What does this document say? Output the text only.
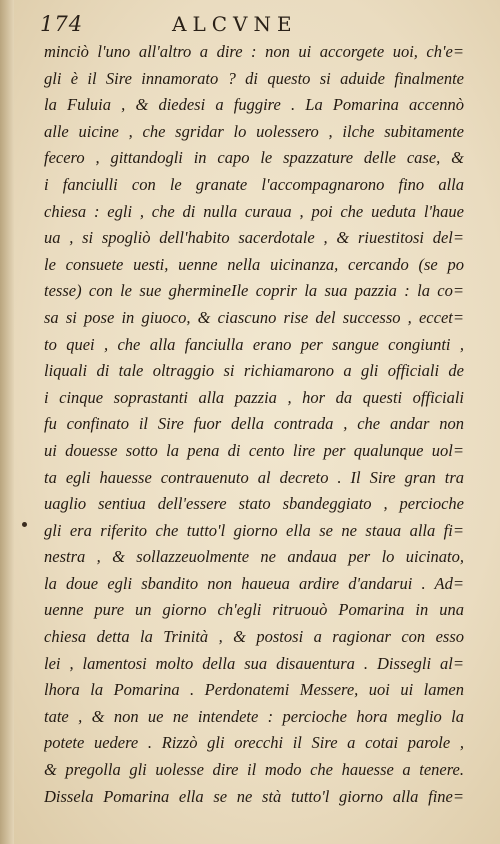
174	ALCVNE
minciò l'uno all'altro a dire : non ui accorgete uoi, ch'e=
gli è il Sire innamorato ? di questo si aduide finalmente
la Fuluia , & diedesi a fuggire . La Pomarina accennò
alle uicine , che sgridar lo uolessero , ilche subitamente
fecero , gittandogli in capo le spazzature delle case, &
i fanciulli con le granate l'accompagnarono fino alla
chiesa : egli , che di nulla curaua , poi che ueduta l'haue
ua , si spogliò dell'habito sacerdotale , & riuestitosi del=
le consuete uesti, uenne nella uicinanza, cercando (se po
tesse) con le sue ghermineIle coprir la sua pazzia : la co=
sa si pose in giuoco, & ciascuno rise del successo , eccet=
to quei , che alla fanciulla erano per sangue congiunti ,
liquali di tale oltraggio si richiamarono a gli officiali de
i cinque soprastanti alla pazzia , hor da questi officiali
fu confinato il Sire fuor della contrada , che andar non
ui douesse sotto la pena di cento lire per qualunque uol=
ta egli hauesse contrauenuto al decreto . Il Sire gran tra
uaglio sentiua dell'essere stato sbandeggiato , percioche
gli era riferito che tutto'l giorno ella se ne staua alla fi=
nestra , & sollazzeuolmente ne andaua per lo uicinato,
la doue egli sbandito non haueua ardire d'andarui . Ad=
uenne pure un giorno ch'egli ritruouò Pomarina in una
chiesa detta la Trinità , & postosi a ragionar con esso
lei , lamentosi molto della sua disauentura . Dissegli al=
lhora la Pomarina . Perdonatemi Messere, uoi ui lamen
tate , & non ue ne intendete : percioche hora meglio la
potete uedere . Rizzò gli orecchi il Sire a cotai parole ,
& pregolla gli uolesse dire il modo che hauesse a tenere.
Dissela Pomarina ella se ne stà tutto'l giorno alla fine=
